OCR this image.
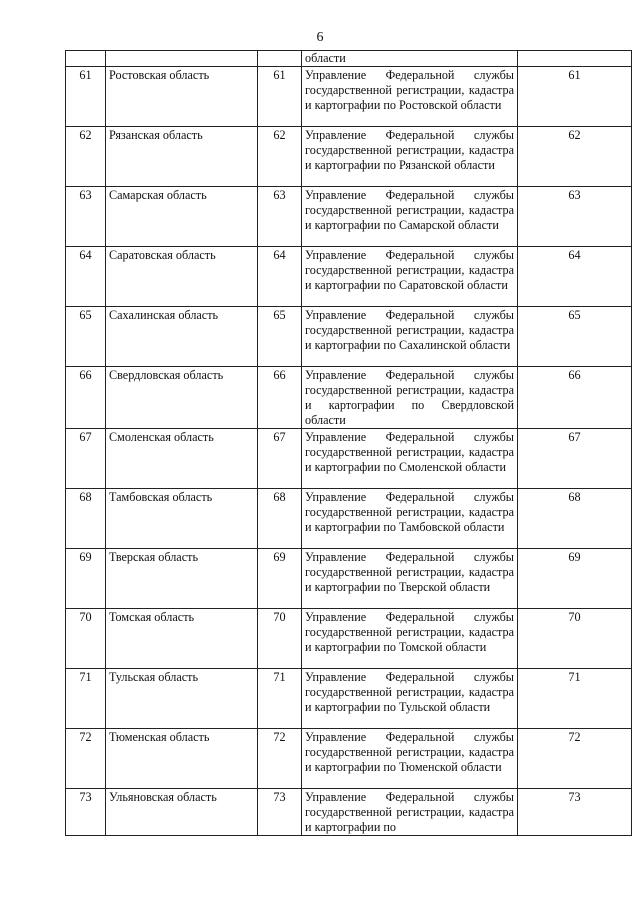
6
			области	
61	Ростовская область	61	Управление Федеральной службы государственной регистрации, кадастра и картографии по Ростовской области	61
62	Рязанская область	62	Управление Федеральной службы государственной регистрации, кадастра и картографии по Рязанской области	62
63	Самарская область	63	Управление Федеральной службы государственной регистрации, кадастра и картографии по Самарской области	63
64	Саратовская область	64	Управление Федеральной службы государственной регистрации, кадастра и картографии по Саратовской области	64
65	Сахалинская область	65	Управление Федеральной службы государственной регистрации, кадастра и картографии по Сахалинской области	65
66	Свердловская область	66	Управление Федеральной службы государственной регистрации, кадастра и картографии по Свердловской области	66
67	Смоленская область	67	Управление Федеральной службы государственной регистрации, кадастра и картографии по Смоленской области	67
68	Тамбовская область	68	Управление Федеральной службы государственной регистрации, кадастра и картографии по Тамбовской области	68
69	Тверская область	69	Управление Федеральной службы государственной регистрации, кадастра и картографии по Тверской области	69
70	Томская область	70	Управление Федеральной службы государственной регистрации, кадастра и картографии по Томской области	70
71	Тульская область	71	Управление Федеральной службы государственной регистрации, кадастра и картографии по Тульской области	71
72	Тюменская область	72	Управление Федеральной службы государственной регистрации, кадастра и картографии по Тюменской области	72
73	Ульяновская область	73	Управление Федеральной службы государственной регистрации, кадастра и картографии по	73
